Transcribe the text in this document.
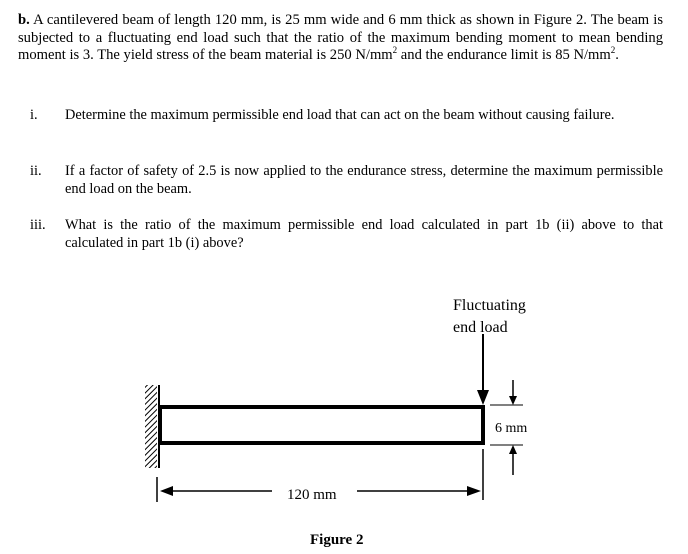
b. A cantilevered beam of length 120 mm, is 25 mm wide and 6 mm thick as shown in Figure 2. The beam is subjected to a fluctuating end load such that the ratio of the maximum bending moment to mean bending moment is 3. The yield stress of the beam material is 250 $N/mm^2$ and the endurance limit is 85 $N/mm^2$.
i. Determine the maximum permissible end load that can act on the beam without causing failure.
ii. If a factor of safety of 2.5 is now applied to the endurance stress, determine the maximum permissible end load on the beam.
iii. What is the ratio of the maximum permissible end load calculated in part 1b (ii) above to that calculated in part 1b (i) above?
Fluctuating
end load
6 mm
120 mm
Figure 2
